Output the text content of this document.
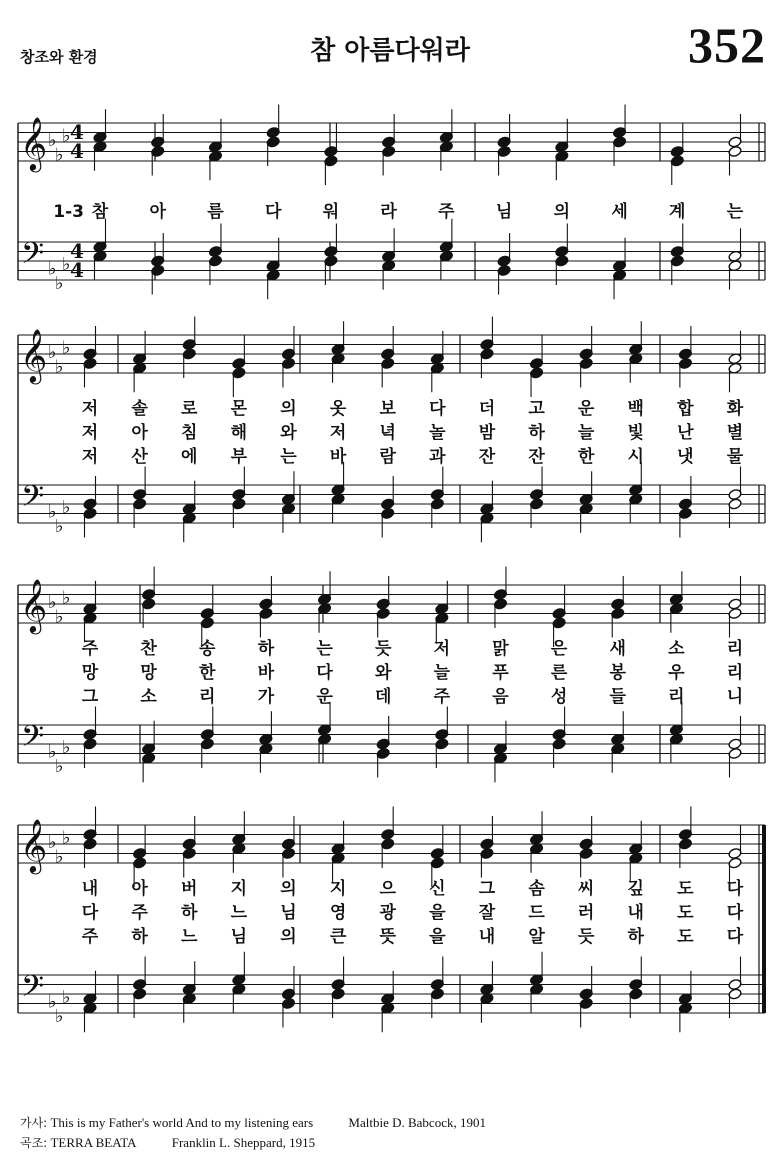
창조와 환경	참 아름다워라	352
𝄞
𝄢
♭
♭
♭
♭
♭
♭
4
4
4
4
참 아 름 다 워 라 주 님 의 세 계 는
1-3
𝄞
𝄢
♭
♭
♭
♭
♭
♭
저 솔 로 몬 의 옷 보 다 더 고 운 백 합 화
저 아 침 해 와 저 녁 놀 밤 하 늘 빛 난 별
저 산 에 부 는 바 람 과 잔 잔 한 시 냇 물
𝄞
𝄢
♭
♭
♭
♭
♭
♭
주 찬 송 하 는 듯 저 맑 은 새 소 리
망 망 한 바 다 와 늘 푸 른 봉 우 리
그 소 리 가 운 데 주 음 성 들 리 니
𝄞
𝄢
♭
♭
♭
♭
♭
♭
내 아 버 지 의 지 으 신 그 솜 씨 깊 도 다
다 주 하 느 님 영 광 을 잘 드 러 내 도 다
주 하 느 님 의 큰 뜻 을 내 알 듯 하 도 다
가사: This is my Father's world And to my listening ears	Maltbie D. Babcock, 1901
곡조: TERRA BEATA	Franklin L. Sheppard, 1915
